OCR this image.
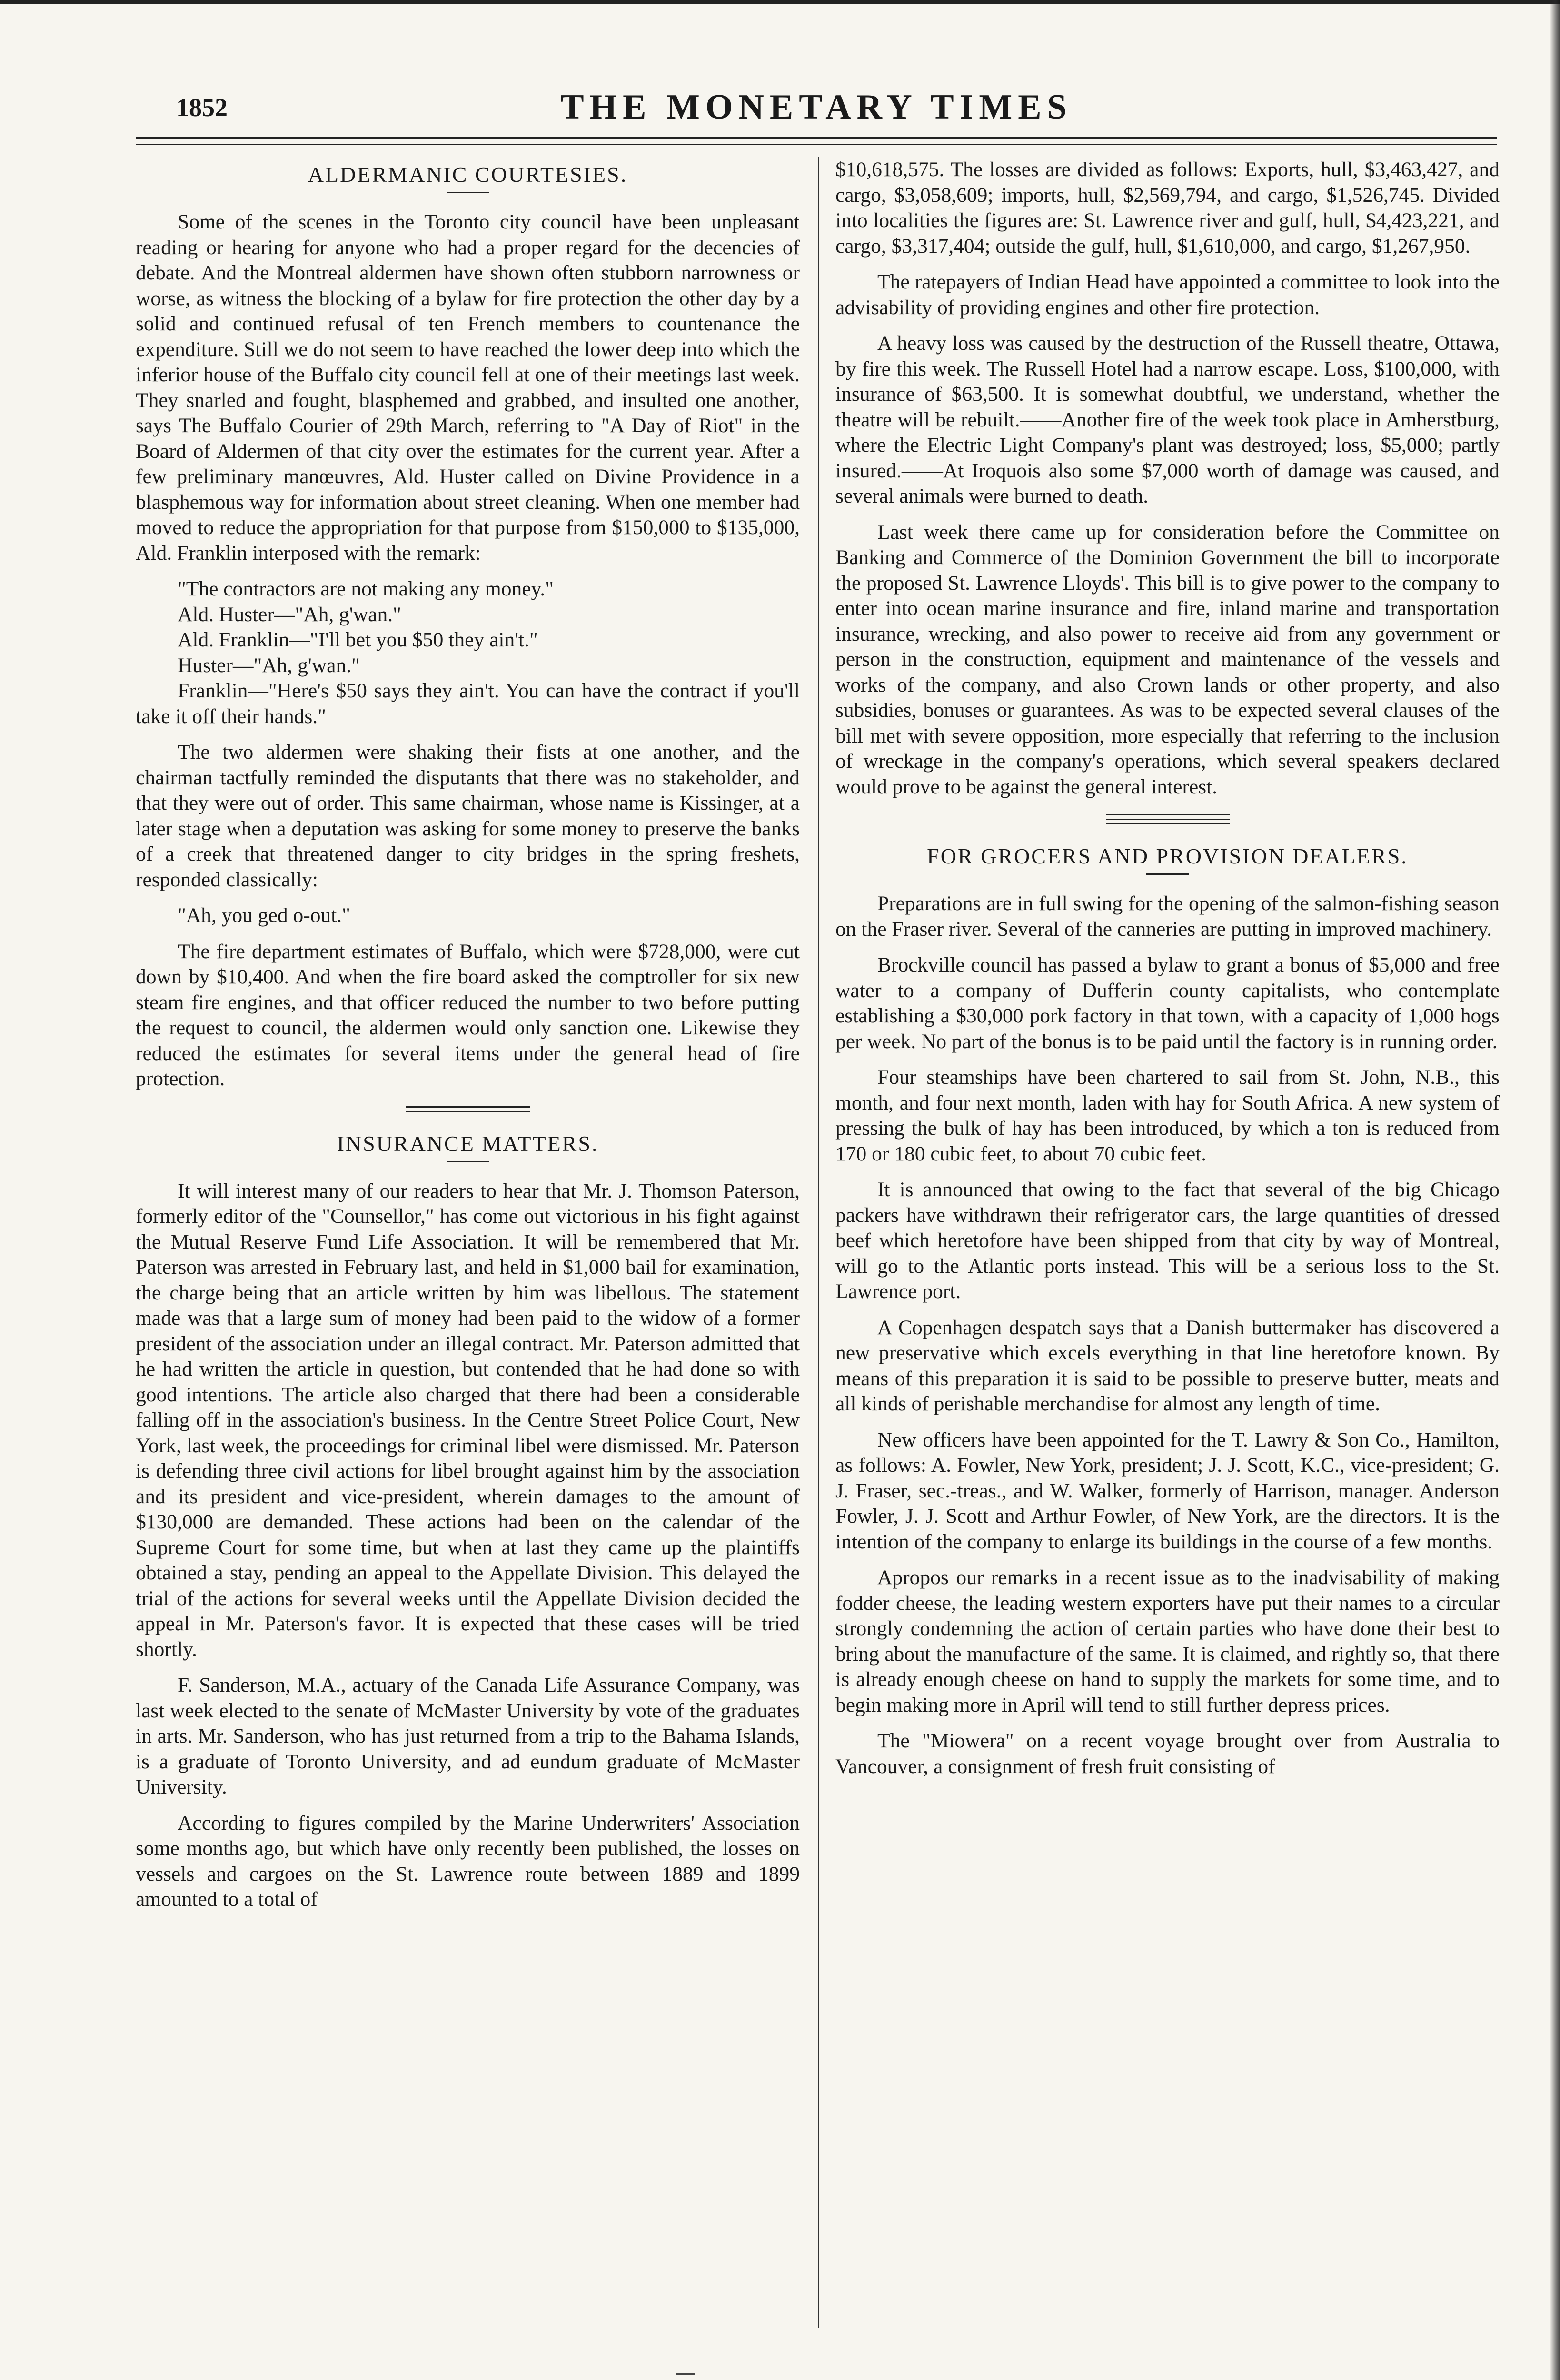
1852	THE MONETARY TIMES
ALDERMANIC COURTESIES.

Some of the scenes in the Toronto city council have been unpleasant reading or hearing for anyone who had a proper regard for the decencies of debate. And the Montreal aldermen have shown often stubborn narrowness or worse, as witness the blocking of a bylaw for fire protection the other day by a solid and continued refusal of ten French members to countenance the expenditure. Still we do not seem to have reached the lower deep into which the inferior house of the Buffalo city council fell at one of their meetings last week. They snarled and fought, blasphemed and grabbed, and insulted one another, says The Buffalo Courier of 29th March, referring to "A Day of Riot" in the Board of Aldermen of that city over the estimates for the current year. After a few preliminary manœuvres, Ald. Huster called on Divine Providence in a blasphemous way for information about street cleaning. When one member had moved to reduce the appropriation for that purpose from $150,000 to $135,000, Ald. Franklin interposed with the remark:

"The contractors are not making any money."

Ald. Huster—"Ah, g'wan."

Ald. Franklin—"I'll bet you $50 they ain't."

Huster—"Ah, g'wan."

Franklin—"Here's $50 says they ain't. You can have the contract if you'll take it off their hands."

The two aldermen were shaking their fists at one another, and the chairman tactfully reminded the disputants that there was no stakeholder, and that they were out of order. This same chairman, whose name is Kissinger, at a later stage when a deputation was asking for some money to preserve the banks of a creek that threatened danger to city bridges in the spring freshets, responded classically:

"Ah, you ged o-out."

The fire department estimates of Buffalo, which were $728,000, were cut down by $10,400. And when the fire board asked the comptroller for six new steam fire engines, and that officer reduced the number to two before putting the request to council, the aldermen would only sanction one. Likewise they reduced the estimates for several items under the general head of fire protection.

INSURANCE MATTERS.

It will interest many of our readers to hear that Mr. J. Thomson Paterson, formerly editor of the "Counsellor," has come out victorious in his fight against the Mutual Reserve Fund Life Association. It will be remembered that Mr. Paterson was arrested in February last, and held in $1,000 bail for examination, the charge being that an article written by him was libellous. The statement made was that a large sum of money had been paid to the widow of a former president of the association under an illegal contract. Mr. Paterson admitted that he had written the article in question, but contended that he had done so with good intentions. The article also charged that there had been a considerable falling off in the association's business. In the Centre Street Police Court, New York, last week, the proceedings for criminal libel were dismissed. Mr. Paterson is defending three civil actions for libel brought against him by the association and its president and vice-president, wherein damages to the amount of $130,000 are demanded. These actions had been on the calendar of the Supreme Court for some time, but when at last they came up the plaintiffs obtained a stay, pending an appeal to the Appellate Division. This delayed the trial of the actions for several weeks until the Appellate Division decided the appeal in Mr. Paterson's favor. It is expected that these cases will be tried shortly.

F. Sanderson, M.A., actuary of the Canada Life Assurance Company, was last week elected to the senate of McMaster University by vote of the graduates in arts. Mr. Sanderson, who has just returned from a trip to the Bahama Islands, is a graduate of Toronto University, and ad eundum graduate of McMaster University.

According to figures compiled by the Marine Underwriters' Association some months ago, but which have only recently been published, the losses on vessels and cargoes on the St. Lawrence route between 1889 and 1899 amounted to a total of

$10,618,575. The losses are divided as follows: Exports, hull, $3,463,427, and cargo, $3,058,609; imports, hull, $2,569,794, and cargo, $1,526,745. Divided into localities the figures are: St. Lawrence river and gulf, hull, $4,423,221, and cargo, $3,317,404; outside the gulf, hull, $1,610,000, and cargo, $1,267,950.

The ratepayers of Indian Head have appointed a committee to look into the advisability of providing engines and other fire protection.

A heavy loss was caused by the destruction of the Russell theatre, Ottawa, by fire this week. The Russell Hotel had a narrow escape. Loss, $100,000, with insurance of $63,500. It is somewhat doubtful, we understand, whether the theatre will be rebuilt.——Another fire of the week took place in Amherstburg, where the Electric Light Company's plant was destroyed; loss, $5,000; partly insured.——At Iroquois also some $7,000 worth of damage was caused, and several animals were burned to death.

Last week there came up for consideration before the Committee on Banking and Commerce of the Dominion Government the bill to incorporate the proposed St. Lawrence Lloyds'. This bill is to give power to the company to enter into ocean marine insurance and fire, inland marine and transportation insurance, wrecking, and also power to receive aid from any government or person in the construction, equipment and maintenance of the vessels and works of the company, and also Crown lands or other property, and also subsidies, bonuses or guarantees. As was to be expected several clauses of the bill met with severe opposition, more especially that referring to the inclusion of wreckage in the company's operations, which several speakers declared would prove to be against the general interest.

FOR GROCERS AND PROVISION DEALERS.

Preparations are in full swing for the opening of the salmon-fishing season on the Fraser river. Several of the canneries are putting in improved machinery.

Brockville council has passed a bylaw to grant a bonus of $5,000 and free water to a company of Dufferin county capitalists, who contemplate establishing a $30,000 pork factory in that town, with a capacity of 1,000 hogs per week. No part of the bonus is to be paid until the factory is in running order.

Four steamships have been chartered to sail from St. John, N.B., this month, and four next month, laden with hay for South Africa. A new system of pressing the bulk of hay has been introduced, by which a ton is reduced from 170 or 180 cubic feet, to about 70 cubic feet.

It is announced that owing to the fact that several of the big Chicago packers have withdrawn their refrigerator cars, the large quantities of dressed beef which heretofore have been shipped from that city by way of Montreal, will go to the Atlantic ports instead. This will be a serious loss to the St. Lawrence port.

A Copenhagen despatch says that a Danish buttermaker has discovered a new preservative which excels everything in that line heretofore known. By means of this preparation it is said to be possible to preserve butter, meats and all kinds of perishable merchandise for almost any length of time.

New officers have been appointed for the T. Lawry & Son Co., Hamilton, as follows: A. Fowler, New York, president; J. J. Scott, K.C., vice-president; G. J. Fraser, sec.-treas., and W. Walker, formerly of Harrison, manager. Anderson Fowler, J. J. Scott and Arthur Fowler, of New York, are the directors. It is the intention of the company to enlarge its buildings in the course of a few months.

Apropos our remarks in a recent issue as to the inadvisability of making fodder cheese, the leading western exporters have put their names to a circular strongly condemning the action of certain parties who have done their best to bring about the manufacture of the same. It is claimed, and rightly so, that there is already enough cheese on hand to supply the markets for some time, and to begin making more in April will tend to still further depress prices.

The "Miowera" on a recent voyage brought over from Australia to Vancouver, a consignment of fresh fruit consisting of
